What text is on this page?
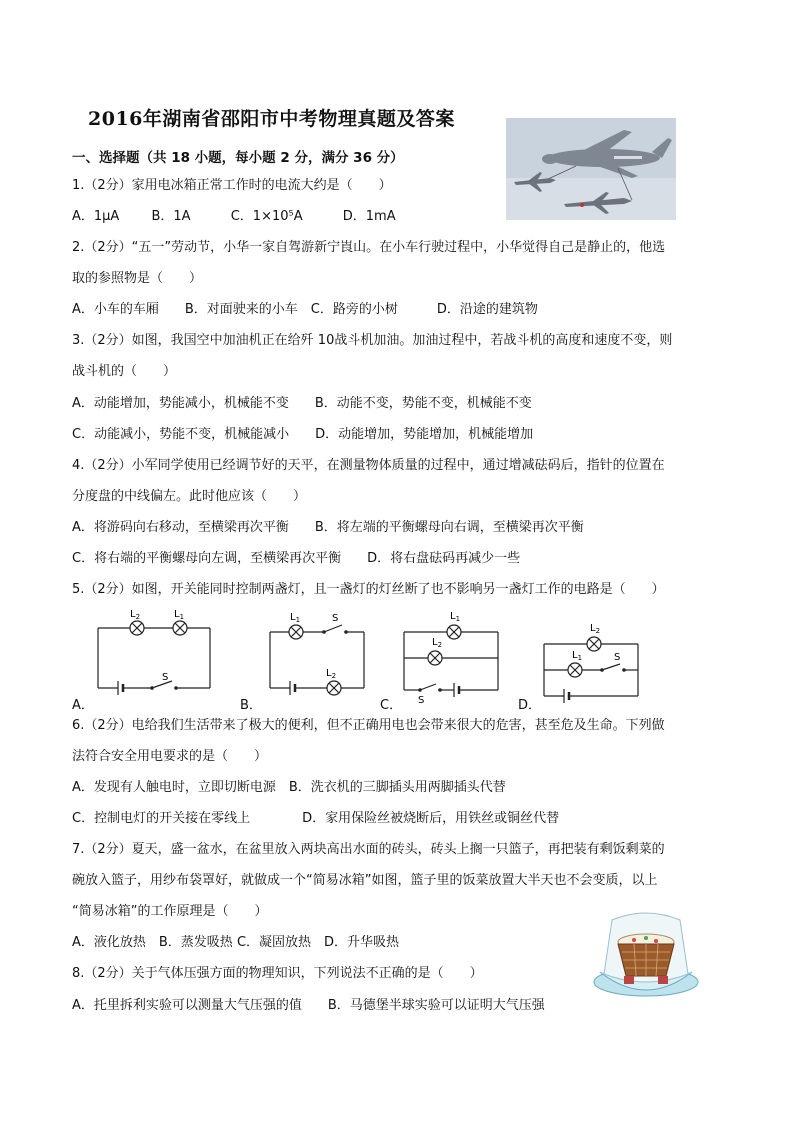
2016年湖南省邵阳市中考物理真题及答案
一、选择题（共 18 小题，每小题 2 分，满分 36 分）
1.（2分）家用电冰箱正常工作时的电流大约是（　　）
A．1μA B．1A	C．1×10⁵A	D．1mA
2.（2分）“五一”劳动节，小华一家自驾游新宁崀山。在小车行驶过程中，小华觉得自己是静止的，他选
取的参照物是（　　）
A．小车的车厢　　B．对面驶来的小车　C．路旁的小树　　　D．沿途的建筑物
3.（2分）如图，我国空中加油机正在给歼 10战斗机加油。加油过程中，若战斗机的高度和速度不变，则
战斗机的（　　）
A．动能增加，势能减小，机械能不变　　B．动能不变，势能不变，机械能不变
C．动能减小，势能不变，机械能减小　　D．动能增加，势能增加，机械能增加
4.（2分）小军同学使用已经调节好的天平，在测量物体质量的过程中，通过增减砝码后，指针的位置在
分度盘的中线偏左。此时他应该（　　）
A．将游码向右移动，至横梁再次平衡　　B．将左端的平衡螺母向右调，至横梁再次平衡
C．将右端的平衡螺母向左调，至横梁再次平衡　　D．将右盘砝码再减少一些
5.（2分）如图，开关能同时控制两盏灯，且一盏灯的灯丝断了也不影响另一盏灯工作的电路是（　　）
$L_2$	$L_1$
S
A．
$L_1$	S
$L_2$
B．
$L_1$
$L_2$
S
C．
$L_2$
$L_1$	S
D．
6.（2分）电给我们生活带来了极大的便利，但不正确用电也会带来很大的危害，甚至危及生命。下列做
法符合安全用电要求的是（　　）
A．发现有人触电时，立即切断电源　B．洗衣机的三脚插头用两脚插头代替
C．控制电灯的开关接在零线上　　　　D．家用保险丝被烧断后，用铁丝或铜丝代替
7.（2分）夏天，盛一盆水，在盆里放入两块高出水面的砖头，砖头上搁一只篮子，再把装有剩饭剩菜的
碗放入篮子，用纱布袋罩好，就做成一个“简易冰箱”如图，篮子里的饭菜放置大半天也不会变质，以上
“简易冰箱”的工作原理是（　　）
A．液化放热　B．蒸发吸热 C．凝固放热　D．升华吸热
8.（2分）关于气体压强方面的物理知识，下列说法不正确的是（　　）
A．托里拆利实验可以测量大气压强的值　　B．马德堡半球实验可以证明大气压强
